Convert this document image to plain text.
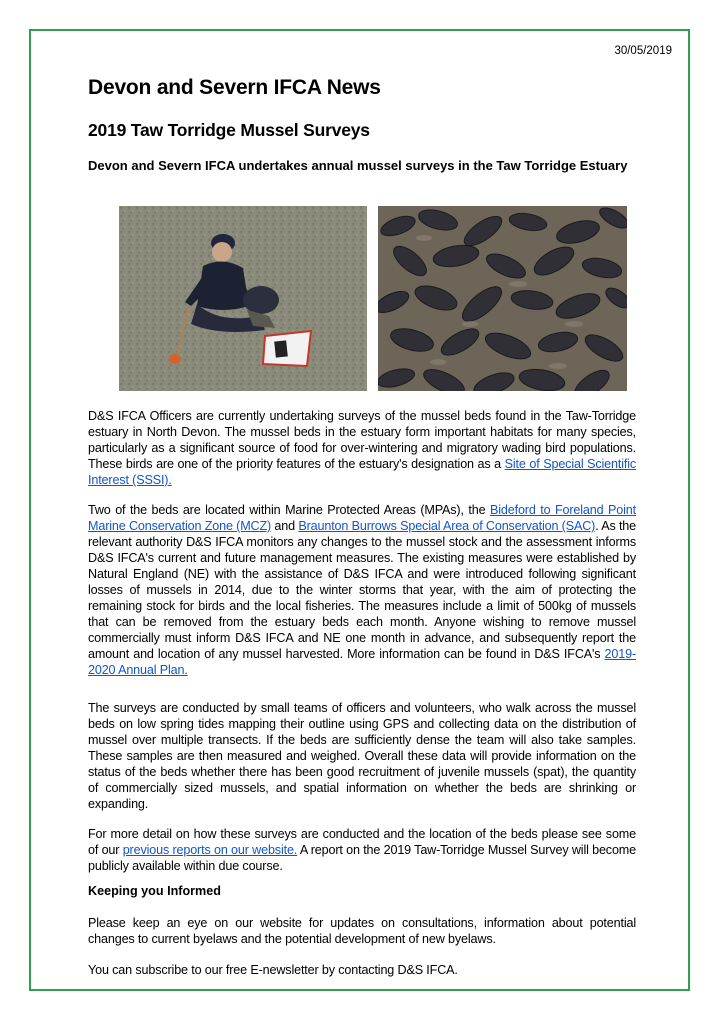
30/05/2019
Devon and Severn IFCA News
2019 Taw Torridge Mussel Surveys

Devon and Severn IFCA undertakes annual mussel surveys in the Taw Torridge Estuary

D&S IFCA Officers are currently undertaking surveys of the mussel beds found in the Taw-Torridge estuary in North Devon. The mussel beds in the estuary form important habitats for many species, particularly as a significant source of food for over-wintering and migratory wading bird populations. These birds are one of the priority features of the estuary's designation as a Site of Special Scientific Interest (SSSI).

Two of the beds are located within Marine Protected Areas (MPAs), the Bideford to Foreland Point Marine Conservation Zone (MCZ) and Braunton Burrows Special Area of Conservation (SAC). As the relevant authority D&S IFCA monitors any changes to the mussel stock and the assessment informs D&S IFCA's current and future management measures. The existing measures were established by Natural England (NE) with the assistance of D&S IFCA and were introduced following significant losses of mussels in 2014, due to the winter storms that year, with the aim of protecting the remaining stock for birds and the local fisheries. The measures include a limit of 500kg of mussels that can be removed from the estuary beds each month. Anyone wishing to remove mussel commercially must inform D&S IFCA and NE one month in advance, and subsequently report the amount and location of any mussel harvested. More information can be found in D&S IFCA's 2019-2020 Annual Plan.

The surveys are conducted by small teams of officers and volunteers, who walk across the mussel beds on low spring tides mapping their outline using GPS and collecting data on the distribution of mussel over multiple transects. If the beds are sufficiently dense the team will also take samples. These samples are then measured and weighed. Overall these data will provide information on the status of the beds whether there has been good recruitment of juvenile mussels (spat), the quantity of commercially sized mussels, and spatial information on whether the beds are shrinking or expanding.

For more detail on how these surveys are conducted and the location of the beds please see some of our previous reports on our website. A report on the 2019 Taw-Torridge Mussel Survey will become publicly available within due course.

Keeping you Informed

Please keep an eye on our website for updates on consultations, information about potential changes to current byelaws and the potential development of new byelaws.

You can subscribe to our free E-newsletter by contacting D&S IFCA.
